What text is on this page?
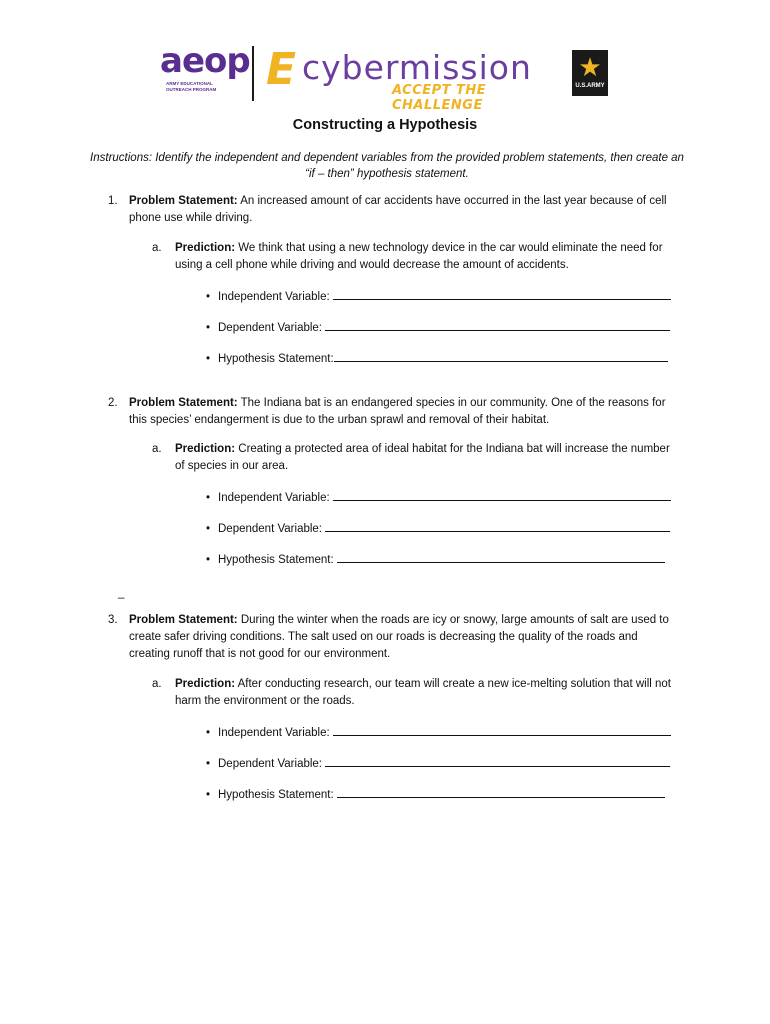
aeop
ARMY EDUCATIONAL OUTREACH PROGRAM	E cybermission
ACCEPT THE CHALLENGE
★
U.S.ARMY
Constructing a Hypothesis
Instructions: Identify the independent and dependent variables from the provided problem statements, then create an “if – then” hypothesis statement.
1. Problem Statement: An increased amount of car accidents have occurred in the last year because of cell phone use while driving.
a. Prediction: We think that using a new technology device in the car would eliminate the need for using a cell phone while driving and would decrease the amount of accidents.
• Independent Variable:
• Dependent Variable:
• Hypothesis Statement:
2. Problem Statement: The Indiana bat is an endangered species in our community. One of the reasons for this species’ endangerment is due to the urban sprawl and removal of their habitat.
a. Prediction: Creating a protected area of ideal habitat for the Indiana bat will increase the number of species in our area.
• Independent Variable:
• Dependent Variable:
• Hypothesis Statement:
_
3. Problem Statement: During the winter when the roads are icy or snowy, large amounts of salt are used to create safer driving conditions. The salt used on our roads is decreasing the quality of the roads and creating runoff that is not good for our environment.
a. Prediction: After conducting research, our team will create a new ice-melting solution that will not harm the environment or the roads.
• Independent Variable:
• Dependent Variable:
• Hypothesis Statement:
